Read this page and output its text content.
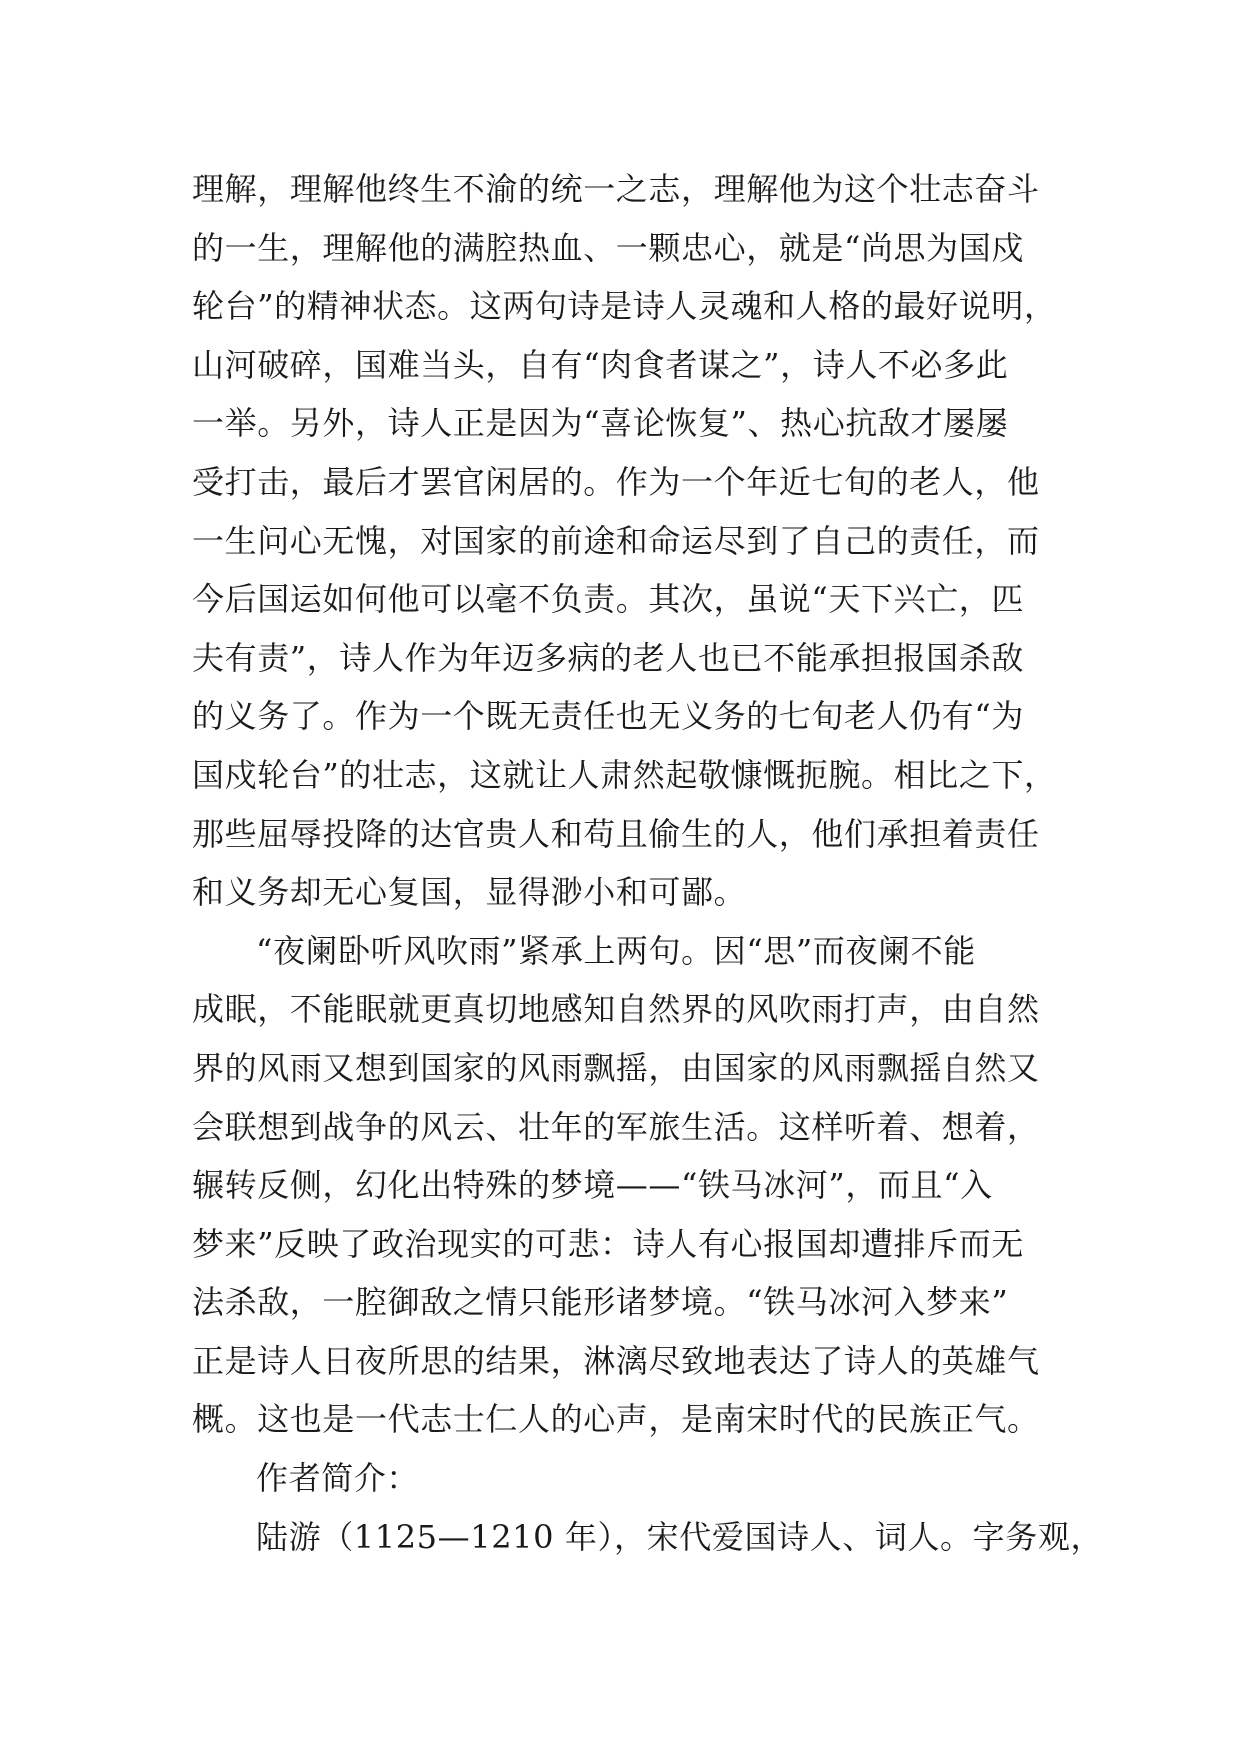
理解，理解他终生不渝的统一之志，理解他为这个壮志奋斗
的一生，理解他的满腔热血、一颗忠心，就是“尚思为国戍
轮台”的精神状态。这两句诗是诗人灵魂和人格的最好说明，
山河破碎，国难当头，自有“肉食者谋之”，诗人不必多此
一举。另外，诗人正是因为“喜论恢复”、热心抗敌才屡屡
受打击，最后才罢官闲居的。作为一个年近七旬的老人，他
一生问心无愧，对国家的前途和命运尽到了自己的责任，而
今后国运如何他可以毫不负责。其次，虽说“天下兴亡，匹
夫有责”，诗人作为年迈多病的老人也已不能承担报国杀敌
的义务了。作为一个既无责任也无义务的七旬老人仍有“为
国戍轮台”的壮志，这就让人肃然起敬慷慨扼腕。相比之下，
那些屈辱投降的达官贵人和苟且偷生的人，他们承担着责任
和义务却无心复国，显得渺小和可鄙。
“夜阑卧听风吹雨”紧承上两句。因“思”而夜阑不能
成眠，不能眠就更真切地感知自然界的风吹雨打声，由自然
界的风雨又想到国家的风雨飘摇，由国家的风雨飘摇自然又
会联想到战争的风云、壮年的军旅生活。这样听着、想着，
辗转反侧，幻化出特殊的梦境——“铁马冰河”，而且“入
梦来”反映了政治现实的可悲：诗人有心报国却遭排斥而无
法杀敌，一腔御敌之情只能形诸梦境。“铁马冰河入梦来”
正是诗人日夜所思的结果，淋漓尽致地表达了诗人的英雄气
概。这也是一代志士仁人的心声，是南宋时代的民族正气。
作者简介：
陆游（1125—1210 年），宋代爱国诗人、词人。字务观，
